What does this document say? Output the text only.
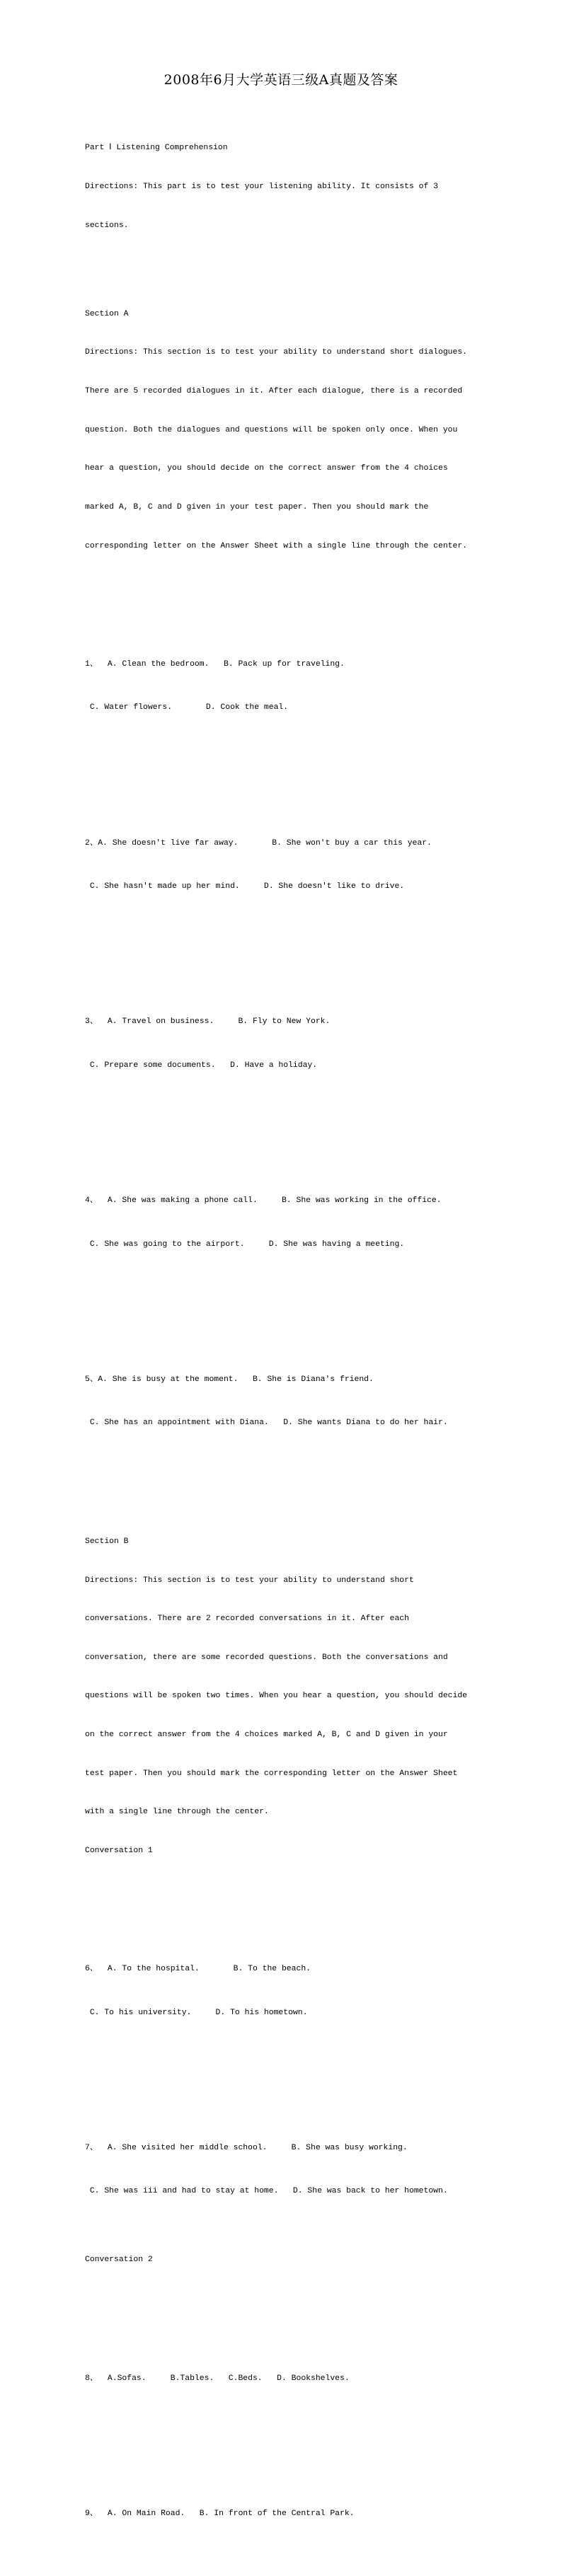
2008年6月大学英语三级A真题及答案

Part Ⅰ Listening Comprehension

Directions: This part is to test your listening ability. It consists of 3

sections.

Section A

Directions: This section is to test your ability to understand short dialogues.

There are 5 recorded dialogues in it. After each dialogue, there is a recorded

question. Both the dialogues and questions will be spoken only once. When you

hear a question, you should decide on the correct answer from the 4 choices

marked A, B, C and D given in your test paper. Then you should mark the

corresponding letter on the Answer Sheet with a single line through the center.

1、  A. Clean the bedroom.   B. Pack up for traveling.

C. Water flowers.       D. Cook the meal.

2、A. She doesn't live far away.       B. She won't buy a car this year.

C. She hasn't made up her mind.     D. She doesn't like to drive.

3、  A. Travel on business.     B. Fly to New York.

C. Prepare some documents.   D. Have a holiday.

4、  A. She was making a phone call.     B. She was working in the office.

C. She was going to the airport.     D. She was having a meeting.

5、A. She is busy at the moment.   B. She is Diana's friend.

C. She has an appointment with Diana.   D. She wants Diana to do her hair.

Section B

Directions: This section is to test your ability to understand short

conversations. There are 2 recorded conversations in it. After each

conversation, there are some recorded questions. Both the conversations and

questions will be spoken two times. When you hear a question, you should decide

on the correct answer from the 4 choices marked A, B, C and D given in your

test paper. Then you should mark the corresponding letter on the Answer Sheet

with a single line through the center.

Conversation 1

6、  A. To the hospital.       B. To the beach.

C. To his university.     D. To his hometown.

7、  A. She visited her middle school.     B. She was busy working.

C. She was iii and had to stay at home.   D. She was back to her hometown.

Conversation 2

8、  A.Sofas.     B.Tables.   C.Beds.   D. Bookshelves.

9、  A. On Main Road.   B. In front of the Central Park.
